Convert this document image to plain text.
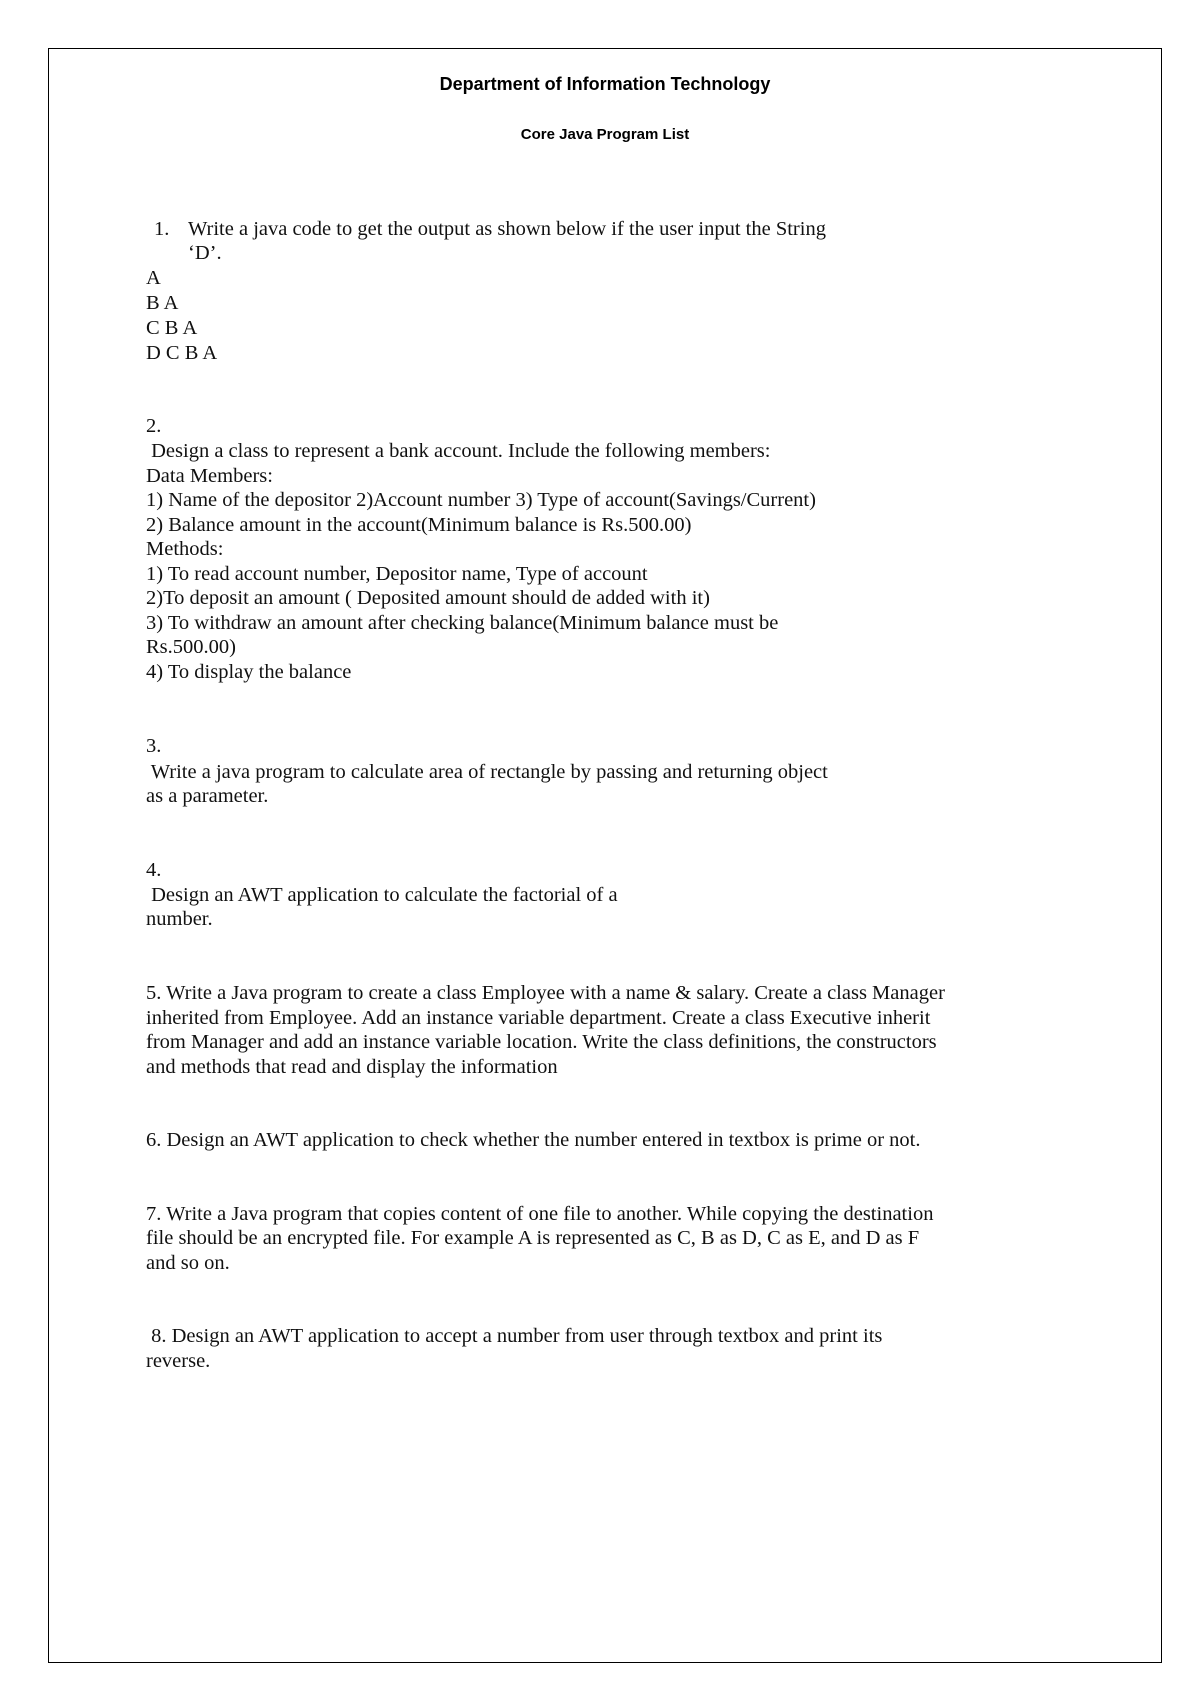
Department of Information Technology
Core Java Program List
1. Write a java code to get the output as shown below if the user input the String
‘D’.
A
B A
C B A
D C B A
2.
Design a class to represent a bank account. Include the following members:
Data Members:
1) Name of the depositor 2)Account number 3) Type of account(Savings/Current)
2) Balance amount in the account(Minimum balance is Rs.500.00)
Methods:
1) To read account number, Depositor name, Type of account
2)To deposit an amount ( Deposited amount should de added with it)
3) To withdraw an amount after checking balance(Minimum balance must be
Rs.500.00)
4) To display the balance
3.
Write a java program to calculate area of rectangle by passing and returning object
as a parameter.
4.
Design an AWT application to calculate the factorial of a
number.
5. Write a Java program to create a class Employee with a name & salary. Create a class Manager
inherited from Employee. Add an instance variable department. Create a class Executive inherit
from Manager and add an instance variable location. Write the class definitions, the constructors
and methods that read and display the information
6. Design an AWT application to check whether the number entered in textbox is prime or not.
7. Write a Java program that copies content of one file to another. While copying the destination
file should be an encrypted file. For example A is represented as C, B as D, C as E, and D as F
and so on.
8. Design an AWT application to accept a number from user through textbox and print its
reverse.
